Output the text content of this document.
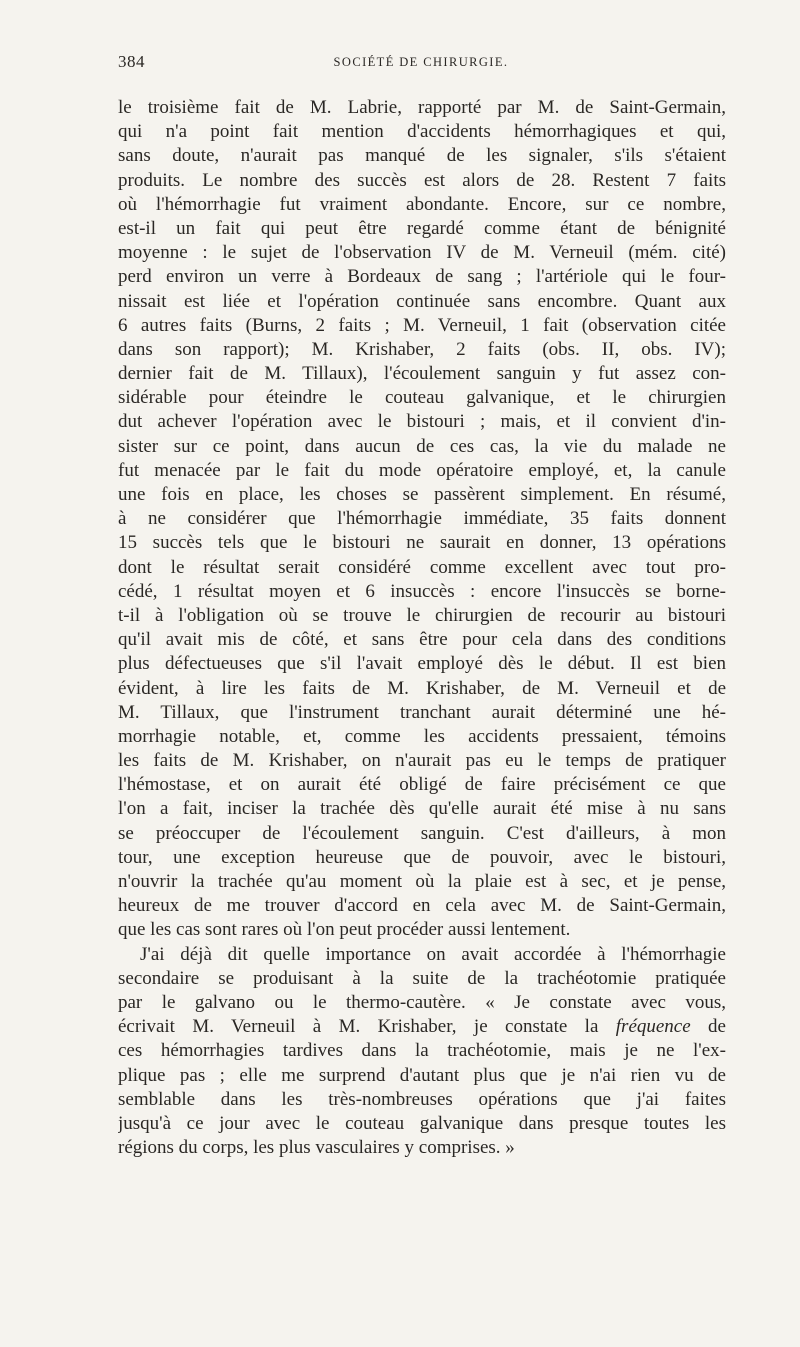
384	SOCIÉTÉ DE CHIRURGIE.
le troisième fait de M. Labrie, rapporté par M. de Saint-Germain,
qui n'a point fait mention d'accidents hémorrhagiques et qui,
sans doute, n'aurait pas manqué de les signaler, s'ils s'étaient
produits. Le nombre des succès est alors de 28. Restent 7 faits
où l'hémorrhagie fut vraiment abondante. Encore, sur ce nombre,
est-il un fait qui peut être regardé comme étant de bénignité
moyenne : le sujet de l'observation IV de M. Verneuil (mém. cité)
perd environ un verre à Bordeaux de sang ; l'artériole qui le four-
nissait est liée et l'opération continuée sans encombre. Quant aux
6 autres faits (Burns, 2 faits ; M. Verneuil, 1 fait (observation citée
dans son rapport); M. Krishaber, 2 faits (obs. II, obs. IV);
dernier fait de M. Tillaux), l'écoulement sanguin y fut assez con-
sidérable pour éteindre le couteau galvanique, et le chirurgien
dut achever l'opération avec le bistouri ; mais, et il convient d'in-
sister sur ce point, dans aucun de ces cas, la vie du malade ne
fut menacée par le fait du mode opératoire employé, et, la canule
une fois en place, les choses se passèrent simplement. En résumé,
à ne considérer que l'hémorrhagie immédiate, 35 faits donnent
15 succès tels que le bistouri ne saurait en donner, 13 opérations
dont le résultat serait considéré comme excellent avec tout pro-
cédé, 1 résultat moyen et 6 insuccès : encore l'insuccès se borne-
t-il à l'obligation où se trouve le chirurgien de recourir au bistouri
qu'il avait mis de côté, et sans être pour cela dans des conditions
plus défectueuses que s'il l'avait employé dès le début. Il est bien
évident, à lire les faits de M. Krishaber, de M. Verneuil et de
M. Tillaux, que l'instrument tranchant aurait déterminé une hé-
morrhagie notable, et, comme les accidents pressaient, témoins
les faits de M. Krishaber, on n'aurait pas eu le temps de pratiquer
l'hémostase, et on aurait été obligé de faire précisément ce que
l'on a fait, inciser la trachée dès qu'elle aurait été mise à nu sans
se préoccuper de l'écoulement sanguin. C'est d'ailleurs, à mon
tour, une exception heureuse que de pouvoir, avec le bistouri,
n'ouvrir la trachée qu'au moment où la plaie est à sec, et je pense,
heureux de me trouver d'accord en cela avec M. de Saint-Germain,
que les cas sont rares où l'on peut procéder aussi lentement.
J'ai déjà dit quelle importance on avait accordée à l'hémorrhagie
secondaire se produisant à la suite de la trachéotomie pratiquée
par le galvano ou le thermo-cautère. « Je constate avec vous,
écrivait M. Verneuil à M. Krishaber, je constate la fréquence de
ces hémorrhagies tardives dans la trachéotomie, mais je ne l'ex-
plique pas ; elle me surprend d'autant plus que je n'ai rien vu de
semblable dans les très-nombreuses opérations que j'ai faites
jusqu'à ce jour avec le couteau galvanique dans presque toutes les
régions du corps, les plus vasculaires y comprises. »
